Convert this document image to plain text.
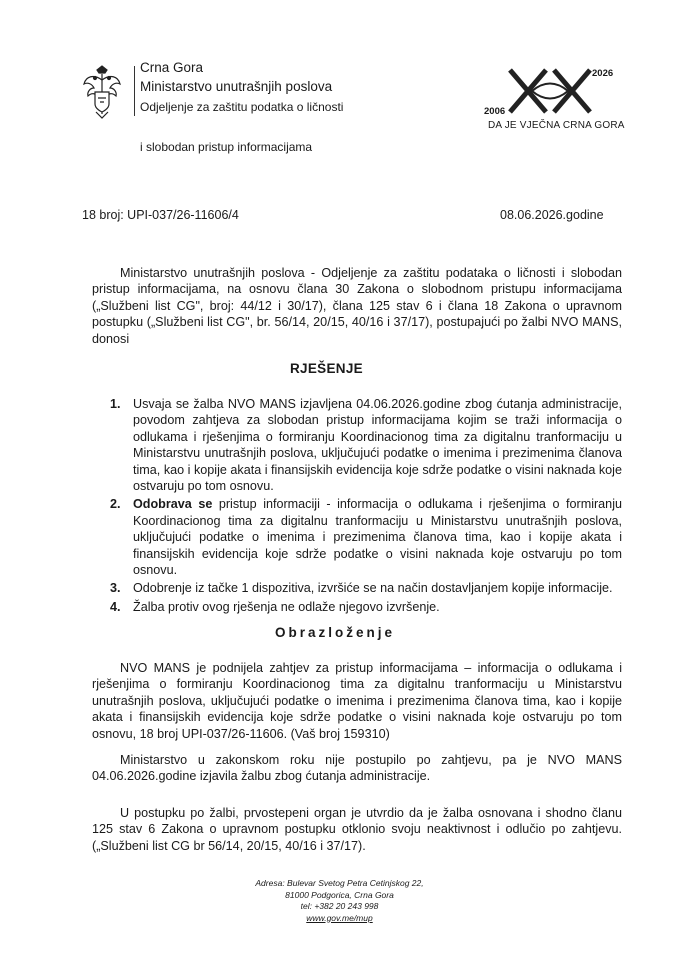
Crna Gora
Ministarstvo unutrašnjih poslova
Odjeljenje za zaštitu podatka o ličnosti
i slobodan pristup informacijama
2026
2006
DA JE VJEČNA CRNA GORA
18 broj: UPI-037/26-11606/4	08.06.2026.godine
Ministarstvo unutrašnjih poslova - Odjeljenje za zaštitu podataka o ličnosti i slobodan pristup informacijama, na osnovu člana 30 Zakona o slobodnom pristupu informacijama („Službeni list CG", broj: 44/12 i 30/17), člana 125 stav 6 i člana 18 Zakona o upravnom postupku („Službeni list CG", br. 56/14, 20/15, 40/16 i 37/17), postupajući po žalbi NVO MANS, donosi
RJEŠENJE
1. Usvaja se žalba NVO MANS izjavljena 04.06.2026.godine zbog ćutanja administracije, povodom zahtjeva za slobodan pristup informacijama kojim se traži informacija o odlukama i rješenjima o formiranju Koordinacionog tima za digitalnu tranformaciju u Ministarstvu unutrašnjih poslova, uključujući podatke o imenima i prezimenima članova tima, kao i kopije akata i finansijskih evidencija koje sdrže podatke o visini naknada koje ostvaruju po tom osnovu.
2. Odobrava se pristup informaciji - informacija o odlukama i rješenjima o formiranju Koordinacionog tima za digitalnu tranformaciju u Ministarstvu unutrašnjih poslova, uključujući podatke o imenima i prezimenima članova tima, kao i kopije akata i finansijskih evidencija koje sdrže podatke o visini naknada koje ostvaruju po tom osnovu.
3. Odobrenje iz tačke 1 dispozitiva, izvršiće se na način dostavljanjem kopije informacije.
4. Žalba protiv ovog rješenja ne odlaže njegovo izvršenje.
Obrazloženje
NVO MANS je podnijela zahtjev za pristup informacijama – informacija o odlukama i rješenjima o formiranju Koordinacionog tima za digitalnu tranformaciju u Ministarstvu unutrašnjih poslova, uključujući podatke o imenima i prezimenima članova tima, kao i kopije akata i finansijskih evidencija koje sdrže podatke o visini naknada koje ostvaruju po tom osnovu, 18 broj UPI-037/26-11606. (Vaš broj 159310)
Ministarstvo u zakonskom roku nije postupilo po zahtjevu, pa je NVO MANS 04.06.2026.godine izjavila žalbu zbog ćutanja administracije.
U postupku po žalbi, prvostepeni organ je utvrdio da je žalba osnovana i shodno članu 125 stav 6 Zakona o upravnom postupku otklonio svoju neaktivnost i odlučio po zahtjevu. („Službeni list CG br 56/14, 20/15, 40/16 i 37/17).
Adresa: Bulevar Svetog Petra Cetinjskog 22,
81000 Podgorica, Crna Gora
tel: +382 20 243 998
www.gov.me/mup
